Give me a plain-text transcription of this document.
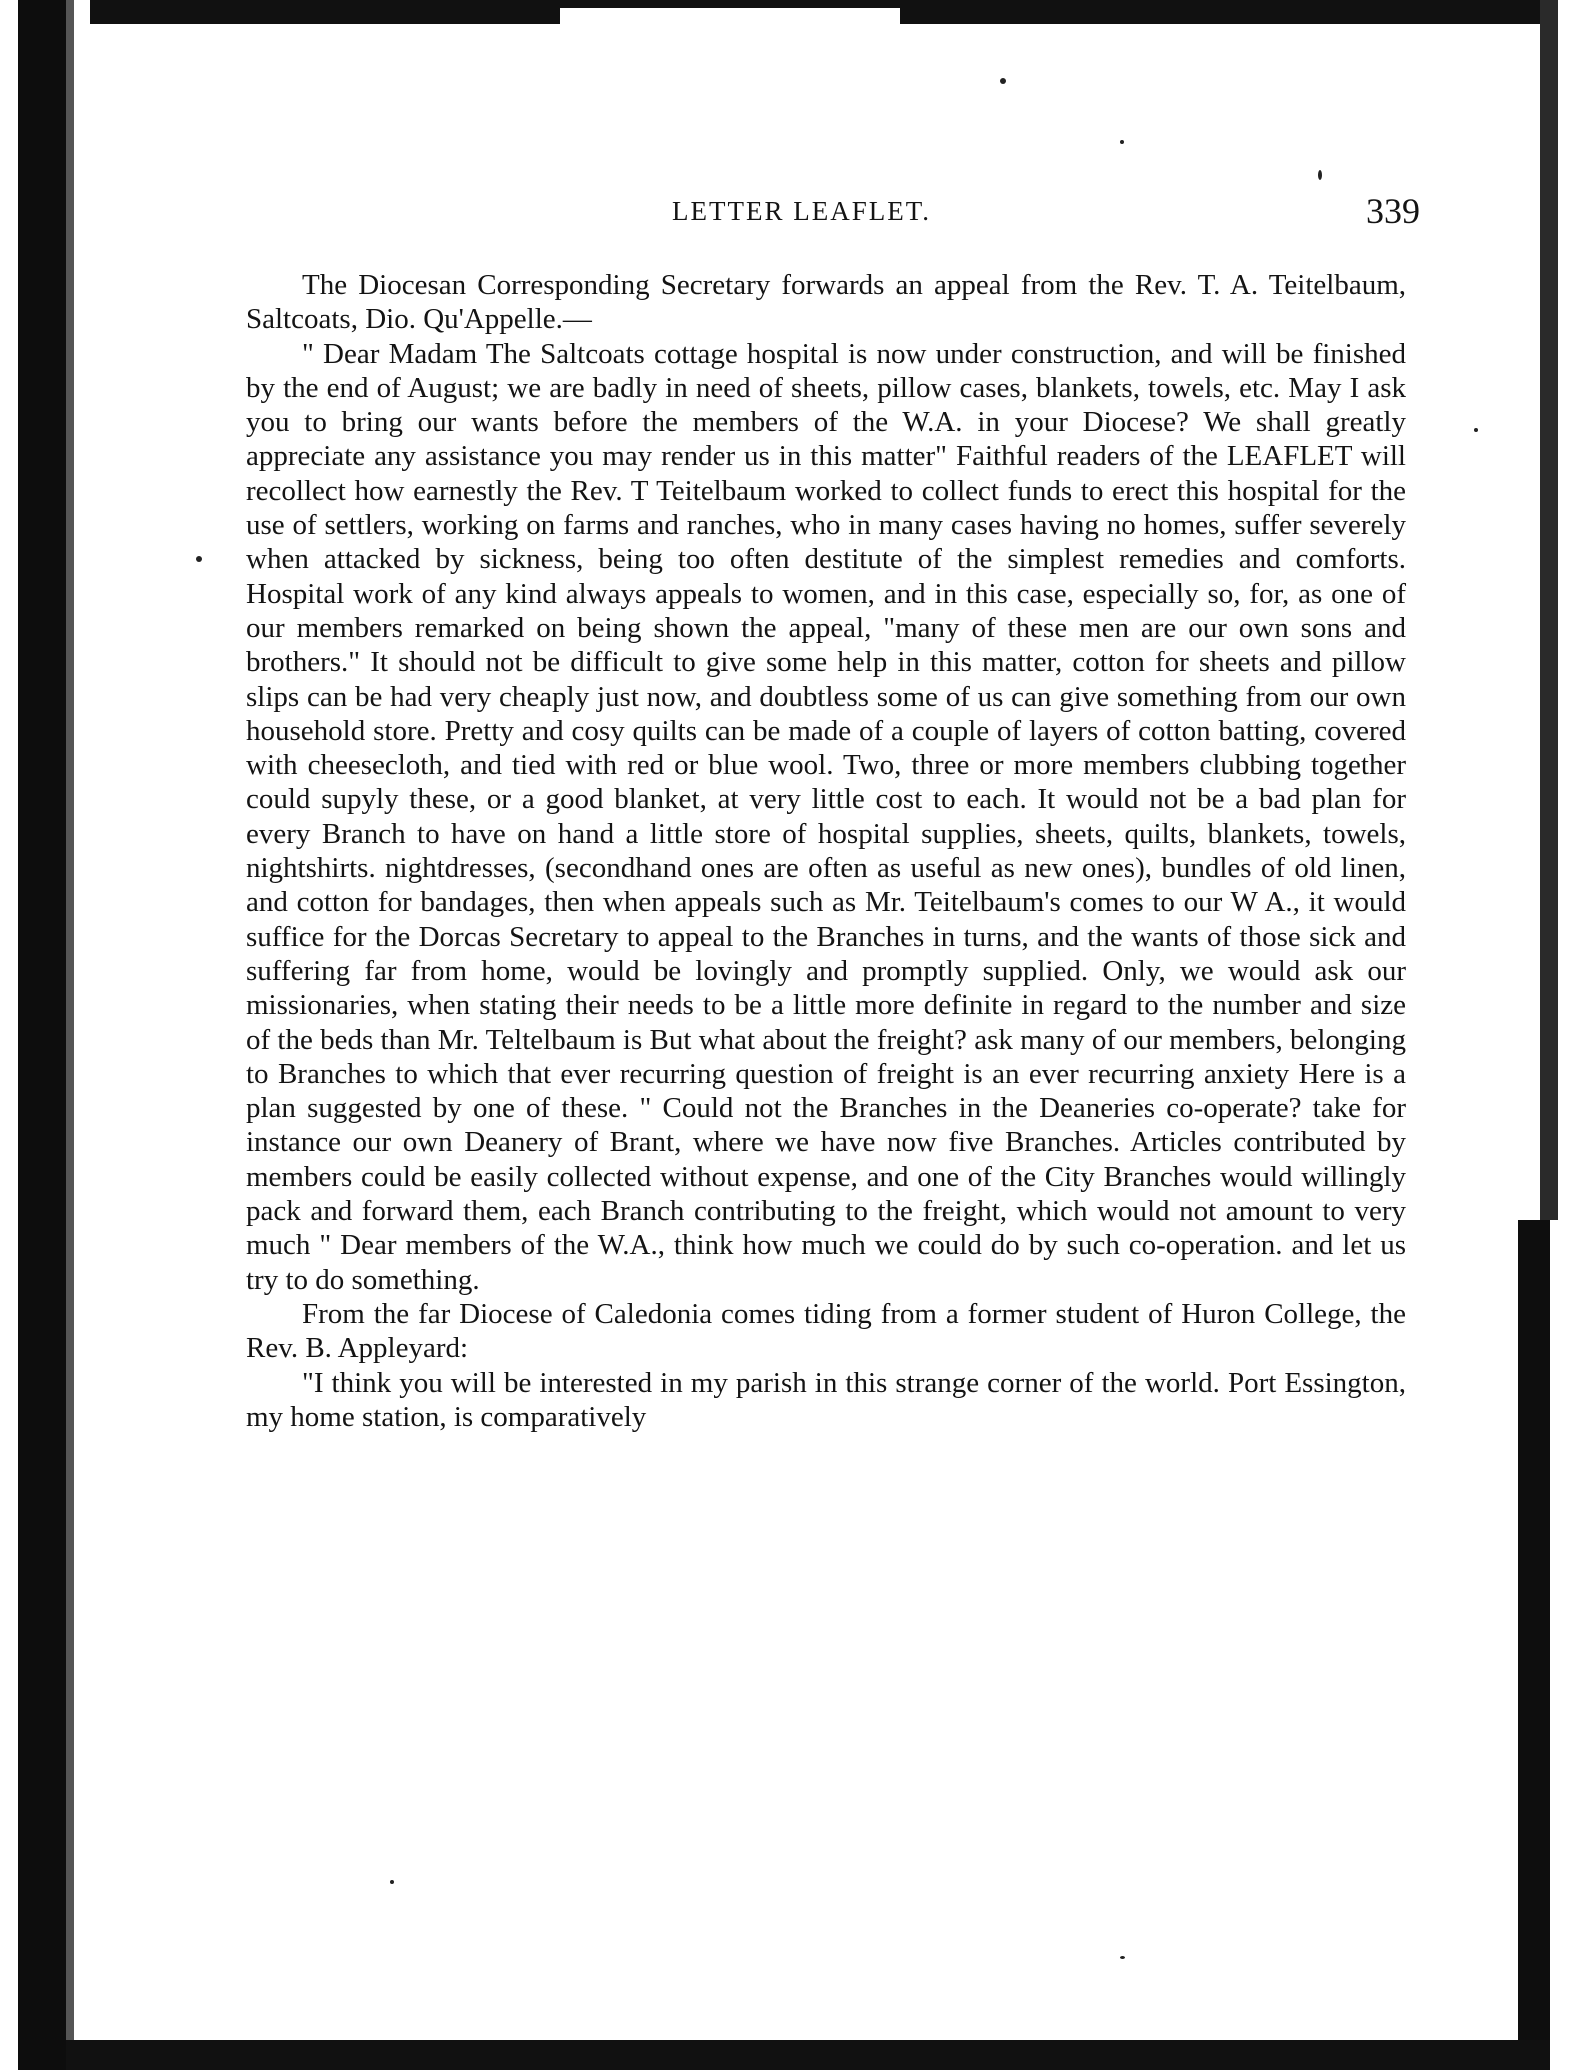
LETTER LEAFLET.	339

The Diocesan Corresponding Secretary forwards an appeal from the Rev. T. A. Teitelbaum, Saltcoats, Dio. Qu'Appelle.—

" Dear Madam The Saltcoats cottage hospital is now under construction, and will be finished by the end of August; we are badly in need of sheets, pillow cases, blankets, towels, etc. May I ask you to bring our wants before the members of the W.A. in your Diocese? We shall greatly appreciate any assistance you may render us in this matter" Faithful readers of the LEAFLET will recollect how earnestly the Rev. T Teitelbaum worked to collect funds to erect this hospital for the use of settlers, working on farms and ranches, who in many cases having no homes, suffer severely when attacked by sickness, being too often destitute of the simplest remedies and comforts. Hospital work of any kind always appeals to women, and in this case, especially so, for, as one of our members remarked on being shown the appeal, "many of these men are our own sons and brothers." It should not be difficult to give some help in this matter, cotton for sheets and pillow slips can be had very cheaply just now, and doubtless some of us can give something from our own household store. Pretty and cosy quilts can be made of a couple of layers of cotton batting, covered with cheesecloth, and tied with red or blue wool. Two, three or more members clubbing together could supyly these, or a good blanket, at very little cost to each. It would not be a bad plan for every Branch to have on hand a little store of hospital supplies, sheets, quilts, blankets, towels, nightshirts. nightdresses, (secondhand ones are often as useful as new ones), bundles of old linen, and cotton for bandages, then when appeals such as Mr. Teitelbaum's comes to our W A., it would suffice for the Dorcas Secretary to appeal to the Branches in turns, and the wants of those sick and suffering far from home, would be lovingly and promptly supplied. Only, we would ask our missionaries, when stating their needs to be a little more definite in regard to the number and size of the beds than Mr. Teltelbaum is But what about the freight? ask many of our members, belonging to Branches to which that ever recurring question of freight is an ever recurring anxiety Here is a plan suggested by one of these. " Could not the Branches in the Deaneries co-operate? take for instance our own Deanery of Brant, where we have now five Branches. Articles contributed by members could be easily collected without expense, and one of the City Branches would willingly pack and forward them, each Branch contributing to the freight, which would not amount to very much " Dear members of the W.A., think how much we could do by such co-operation. and let us try to do something.

From the far Diocese of Caledonia comes tiding from a former student of Huron College, the Rev. B. Appleyard:

"I think you will be interested in my parish in this strange corner of the world. Port Essington, my home station, is comparatively
